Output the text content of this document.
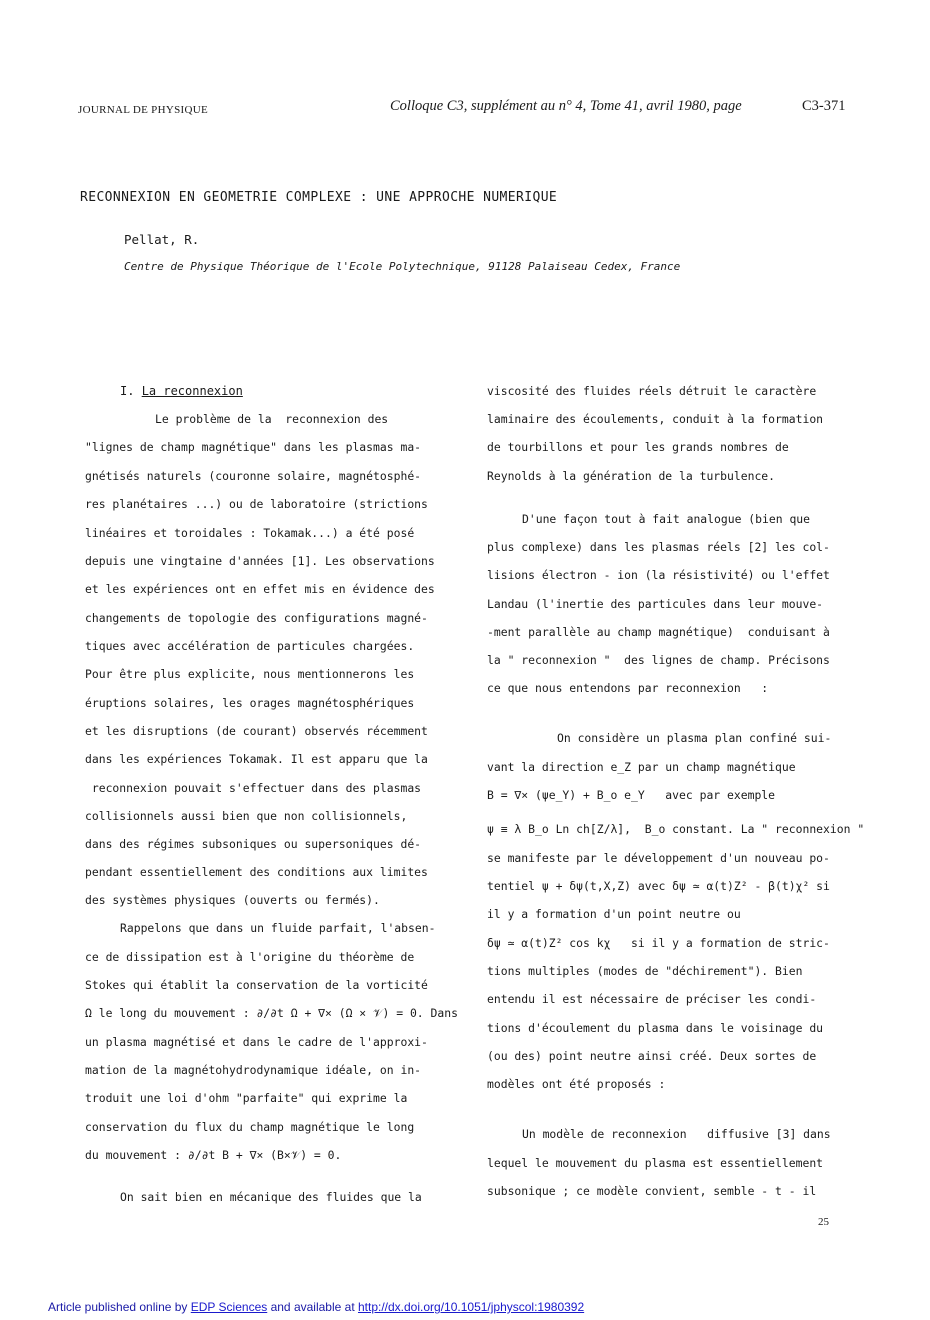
JOURNAL DE PHYSIQUE	Colloque C3, supplément au n° 4, Tome 41, avril 1980, page	C3-371
RECONNEXION EN GEOMETRIE COMPLEXE : UNE APPROCHE NUMERIQUE
Pellat, R.
Centre de Physique Théorique de l'Ecole Polytechnique, 91128 Palaiseau Cedex, France
I. La reconnexion
Le problème de la  reconnexion des
"lignes de champ magnétique" dans les plasmas ma-
gnétisés naturels (couronne solaire, magnétosphé-
res planétaires ...) ou de laboratoire (strictions
linéaires et toroidales : Tokamak...) a été posé
depuis une vingtaine d'années [1]. Les observations
et les expériences ont en effet mis en évidence des
changements de topologie des configurations magné-
tiques avec accélération de particules chargées.
Pour être plus explicite, nous mentionnerons les
éruptions solaires, les orages magnétosphériques
et les disruptions (de courant) observés récemment
dans les expériences Tokamak. Il est apparu que la
reconnexion pouvait s'effectuer dans des plasmas
collisionnels aussi bien que non collisionnels,
dans des régimes subsoniques ou supersoniques dé-
pendant essentiellement des conditions aux limites
des systèmes physiques (ouverts ou fermés).
Rappelons que dans un fluide parfait, l'absen-
ce de dissipation est à l'origine du théorème de
Stokes qui établit la conservation de la vorticité
Ω le long du mouvement : ∂/∂t Ω + ∇× (Ω × 𝒱) = 0. Dans
un plasma magnétisé et dans le cadre de l'approxi-
mation de la magnétohydrodynamique idéale, on in-
troduit une loi d'ohm "parfaite" qui exprime la
conservation du flux du champ magnétique le long
du mouvement : ∂/∂t B + ∇× (B×𝒱) = 0.
On sait bien en mécanique des fluides que la
viscosité des fluides réels détruit le caractère
laminaire des écoulements, conduit à la formation
de tourbillons et pour les grands nombres de
Reynolds à la génération de la turbulence.
D'une façon tout à fait analogue (bien que
plus complexe) dans les plasmas réels [2] les col-
lisions électron - ion (la résistivité) ou l'effet
Landau (l'inertie des particules dans leur mouve-
-ment parallèle au champ magnétique)  conduisant à
la " reconnexion "  des lignes de champ. Précisons
ce que nous entendons par reconnexion   :
On considère un plasma plan confiné sui-
vant la direction e_Z par un champ magnétique
B = ∇× (ψe_Y) + B_o e_Y   avec par exemple
ψ ≡ λ B_o Ln ch[Z/λ],  B_o constant. La " reconnexion "
se manifeste par le développement d'un nouveau po-
tentiel ψ + δψ(t,X,Z) avec δψ ≃ α(t)Z² - β(t)χ² si
il y a formation d'un point neutre ou
δψ ≃ α(t)Z² cos kχ   si il y a formation de stric-
tions multiples (modes de "déchirement"). Bien
entendu il est nécessaire de préciser les condi-
tions d'écoulement du plasma dans le voisinage du
(ou des) point neutre ainsi créé. Deux sortes de
modèles ont été proposés :
Un modèle de reconnexion   diffusive [3] dans
lequel le mouvement du plasma est essentiellement
subsonique ; ce modèle convient, semble - t - il
25
Article published online by EDP Sciences and available at http://dx.doi.org/10.1051/jphyscol:1980392
